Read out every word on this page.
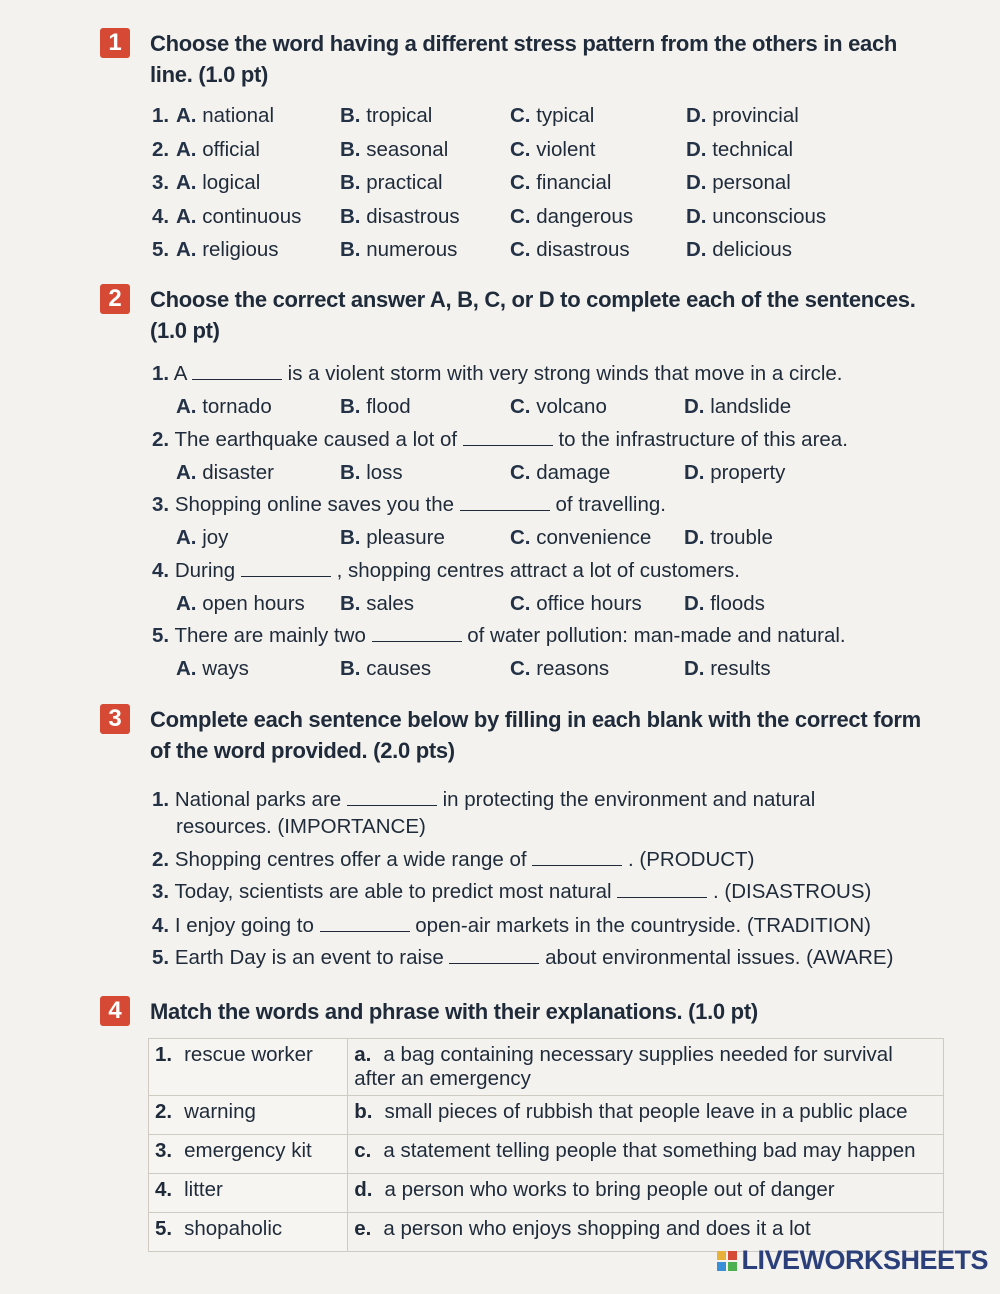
1	Choose the word having a different stress pattern from the others in each line. (1.0 pt)
1. A. national	B. tropical	C. typical	D. provincial
2. A. official	B. seasonal	C. violent	D. technical
3. A. logical	B. practical	C. financial	D. personal
4. A. continuous B. disastrous C. dangerous	D. unconscious
5. A. religious	B. numerous	C. disastrous	D. delicious
2	Choose the correct answer A, B, C, or D to complete each of the sentences. (1.0 pt)
1. A	is a violent storm with very strong winds that move in a circle.
A. tornado	B. flood	C. volcano	D. landslide
2. The earthquake caused a lot of	to the infrastructure of this area.
A. disaster	B. loss	C. damage	D. property
3. Shopping online saves you the	of travelling.
A. joy	B. pleasure	C. convenience D. trouble
4. During	, shopping centres attract a lot of customers.
A. open hours B. sales	C. office hours D. floods
5. There are mainly two	of water pollution: man-made and natural.
A. ways	B. causes	C. reasons	D. results
3	Complete each sentence below by filling in each blank with the correct form of the word provided. (2.0 pts)
1. National parks are	in protecting the environment and natural
resources. (IMPORTANCE)
2. Shopping centres offer a wide range of	. (PRODUCT)
3. Today, scientists are able to predict most natural	. (DISASTROUS)
4. I enjoy going to	open-air markets in the countryside. (TRADITION)
5. Earth Day is an event to raise	about environmental issues. (AWARE)
4	Match the words and phrase with their explanations. (1.0 pt)
1. rescue worker	a. a bag containing necessary supplies needed for survival after an emergency
2. warning	b. small pieces of rubbish that people leave in a public place
3. emergency kit	c. a statement telling people that something bad may happen
4. litter	d. a person who works to bring people out of danger
5. shopaholic	e. a person who enjoys shopping and does it a lot
LIVEWORKSHEETS
